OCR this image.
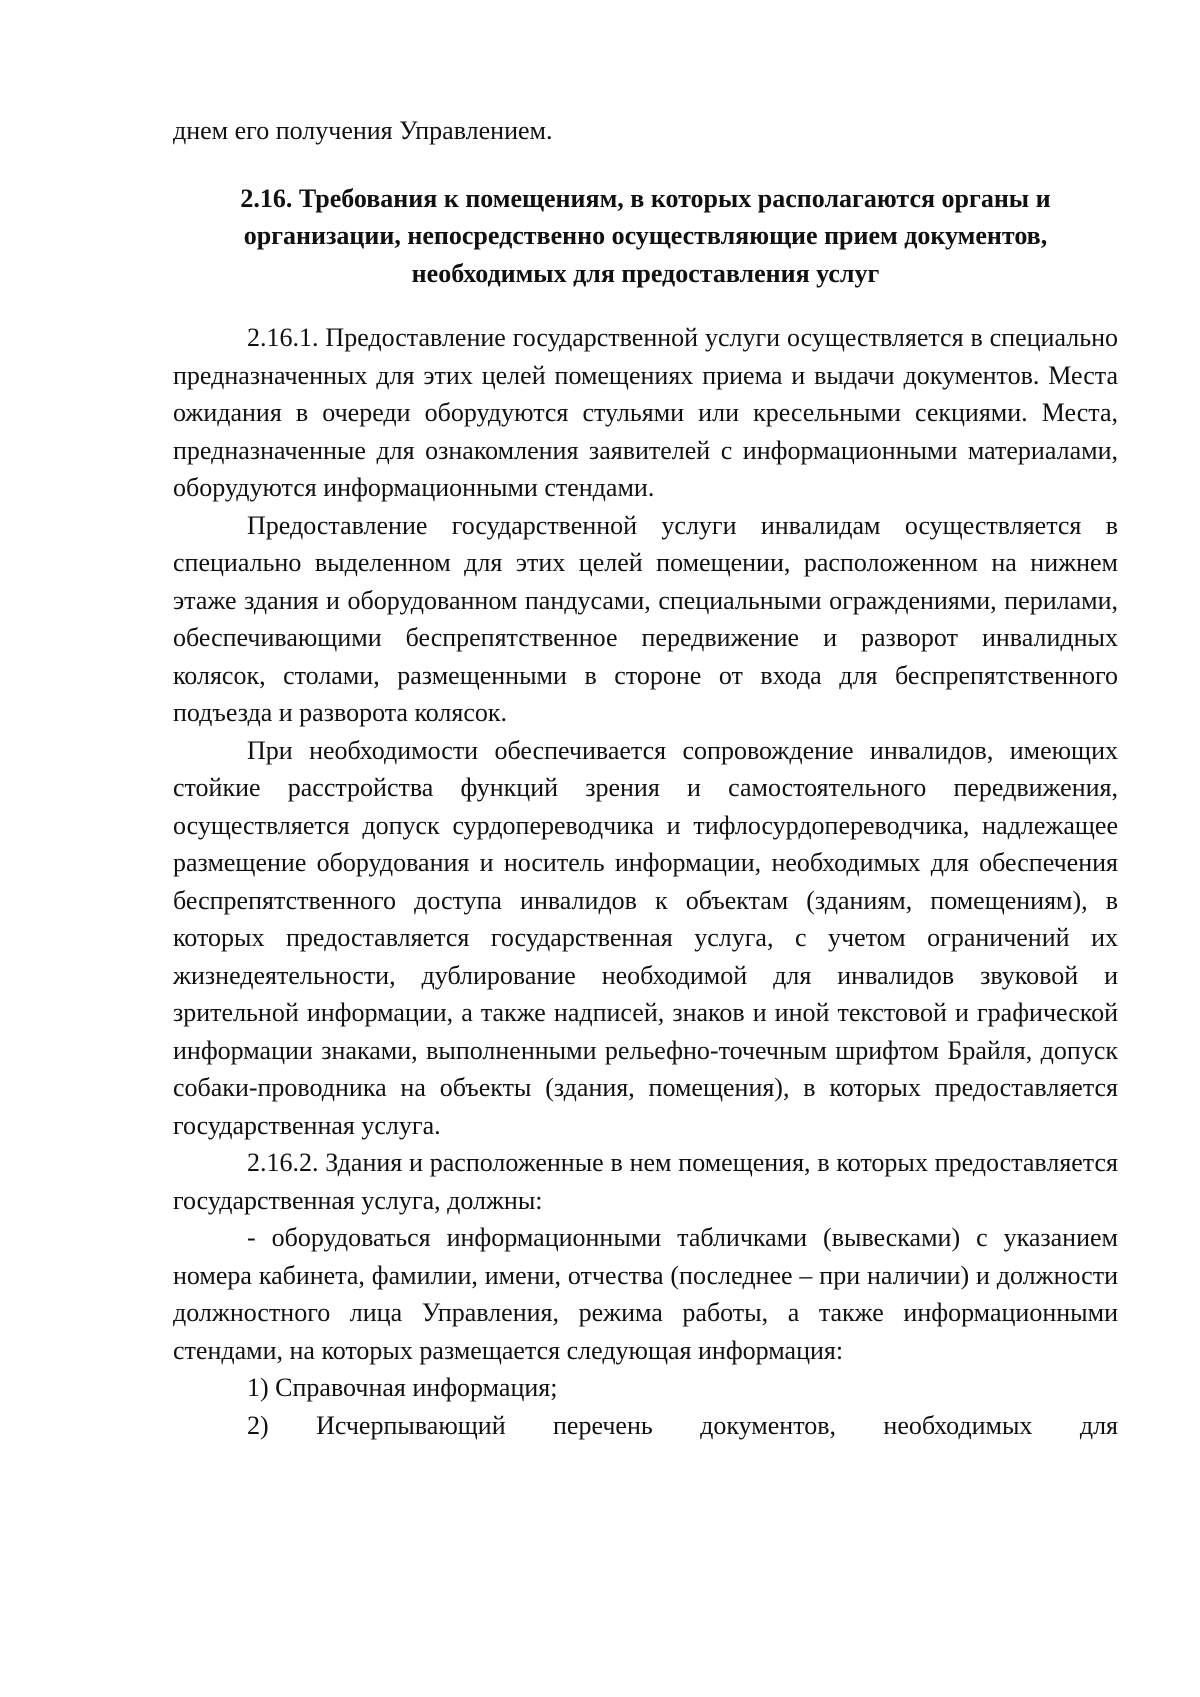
днем его получения Управлением.

2.16. Требования к помещениям, в которых располагаются органы и
организации, непосредственно осуществляющие прием документов,
необходимых для предоставления услуг

2.16.1. Предоставление государственной услуги осуществляется в специально предназначенных для этих целей помещениях приема и выдачи документов. Места ожидания в очереди оборудуются стульями или кресельными секциями. Места, предназначенные для ознакомления заявителей с информационными материалами, оборудуются информационными стендами.

Предоставление государственной услуги инвалидам осуществляется в специально выделенном для этих целей помещении, расположенном на нижнем этаже здания и оборудованном пандусами, специальными ограждениями, перилами, обеспечивающими беспрепятственное передвижение и разворот инвалидных колясок, столами, размещенными в стороне от входа для беспрепятственного подъезда и разворота колясок.

При необходимости обеспечивается сопровождение инвалидов, имеющих стойкие расстройства функций зрения и самостоятельного передвижения, осуществляется допуск сурдопереводчика и тифлосурдопереводчика, надлежащее размещение оборудования и носитель информации, необходимых для обеспечения беспрепятственного доступа инвалидов к объектам (зданиям, помещениям), в которых предоставляется государственная услуга, с учетом ограничений их жизнедеятельности, дублирование необходимой для инвалидов звуковой и зрительной информации, а также надписей, знаков и иной текстовой и графической информации знаками, выполненными рельефно-точечным шрифтом Брайля, допуск собаки-проводника на объекты (здания, помещения), в которых предоставляется государственная услуга.

2.16.2. Здания и расположенные в нем помещения, в которых предоставляется государственная услуга, должны:

- оборудоваться информационными табличками (вывесками) с указанием номера кабинета, фамилии, имени, отчества (последнее – при наличии) и должности должностного лица Управления, режима работы, а также информационными стендами, на которых размещается следующая информация:

1) Справочная информация;

2) Исчерпывающий перечень документов, необходимых для
